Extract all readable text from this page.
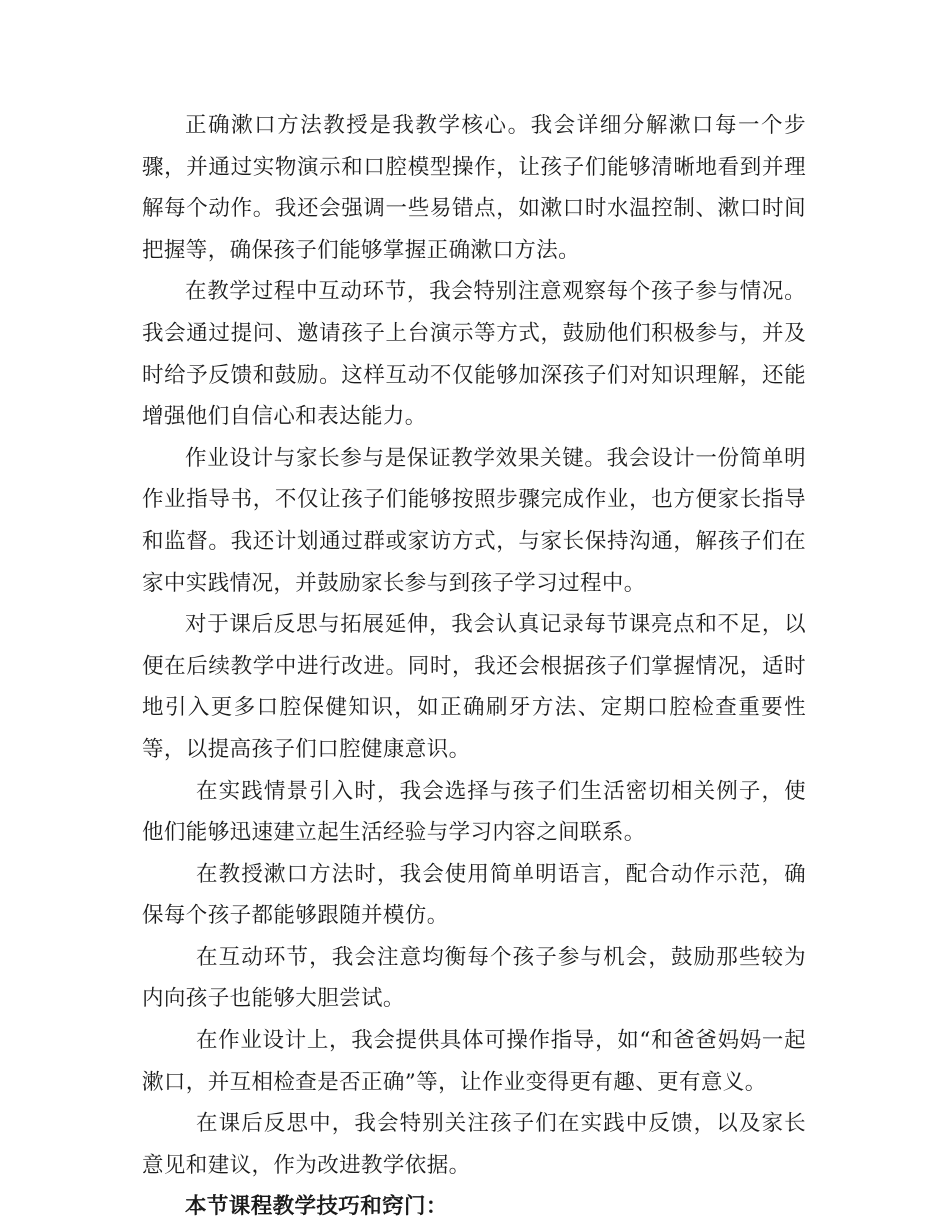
正确漱口方法教授是我教学核心。我会详细分解漱口每一个步骤，并通过实物演示和口腔模型操作，让孩子们能够清晰地看到并理解每个动作。我还会强调一些易错点，如漱口时水温控制、漱口时间把握等，确保孩子们能够掌握正确漱口方法。

在教学过程中互动环节，我会特别注意观察每个孩子参与情况。我会通过提问、邀请孩子上台演示等方式，鼓励他们积极参与，并及时给予反馈和鼓励。这样互动不仅能够加深孩子们对知识理解，还能增强他们自信心和表达能力。

作业设计与家长参与是保证教学效果关键。我会设计一份简单明作业指导书，不仅让孩子们能够按照步骤完成作业，也方便家长指导和监督。我还计划通过群或家访方式，与家长保持沟通，解孩子们在家中实践情况，并鼓励家长参与到孩子学习过程中。

对于课后反思与拓展延伸，我会认真记录每节课亮点和不足，以便在后续教学中进行改进。同时，我还会根据孩子们掌握情况，适时地引入更多口腔保健知识，如正确刷牙方法、定期口腔检查重要性等，以提高孩子们口腔健康意识。

在实践情景引入时，我会选择与孩子们生活密切相关例子，使他们能够迅速建立起生活经验与学习内容之间联系。

在教授漱口方法时，我会使用简单明语言，配合动作示范，确保每个孩子都能够跟随并模仿。

在互动环节，我会注意均衡每个孩子参与机会，鼓励那些较为内向孩子也能够大胆尝试。

在作业设计上，我会提供具体可操作指导，如“和爸爸妈妈一起漱口，并互相检查是否正确”等，让作业变得更有趣、更有意义。

在课后反思中，我会特别关注孩子们在实践中反馈，以及家长意见和建议，作为改进教学依据。

本节课程教学技巧和窍门：
